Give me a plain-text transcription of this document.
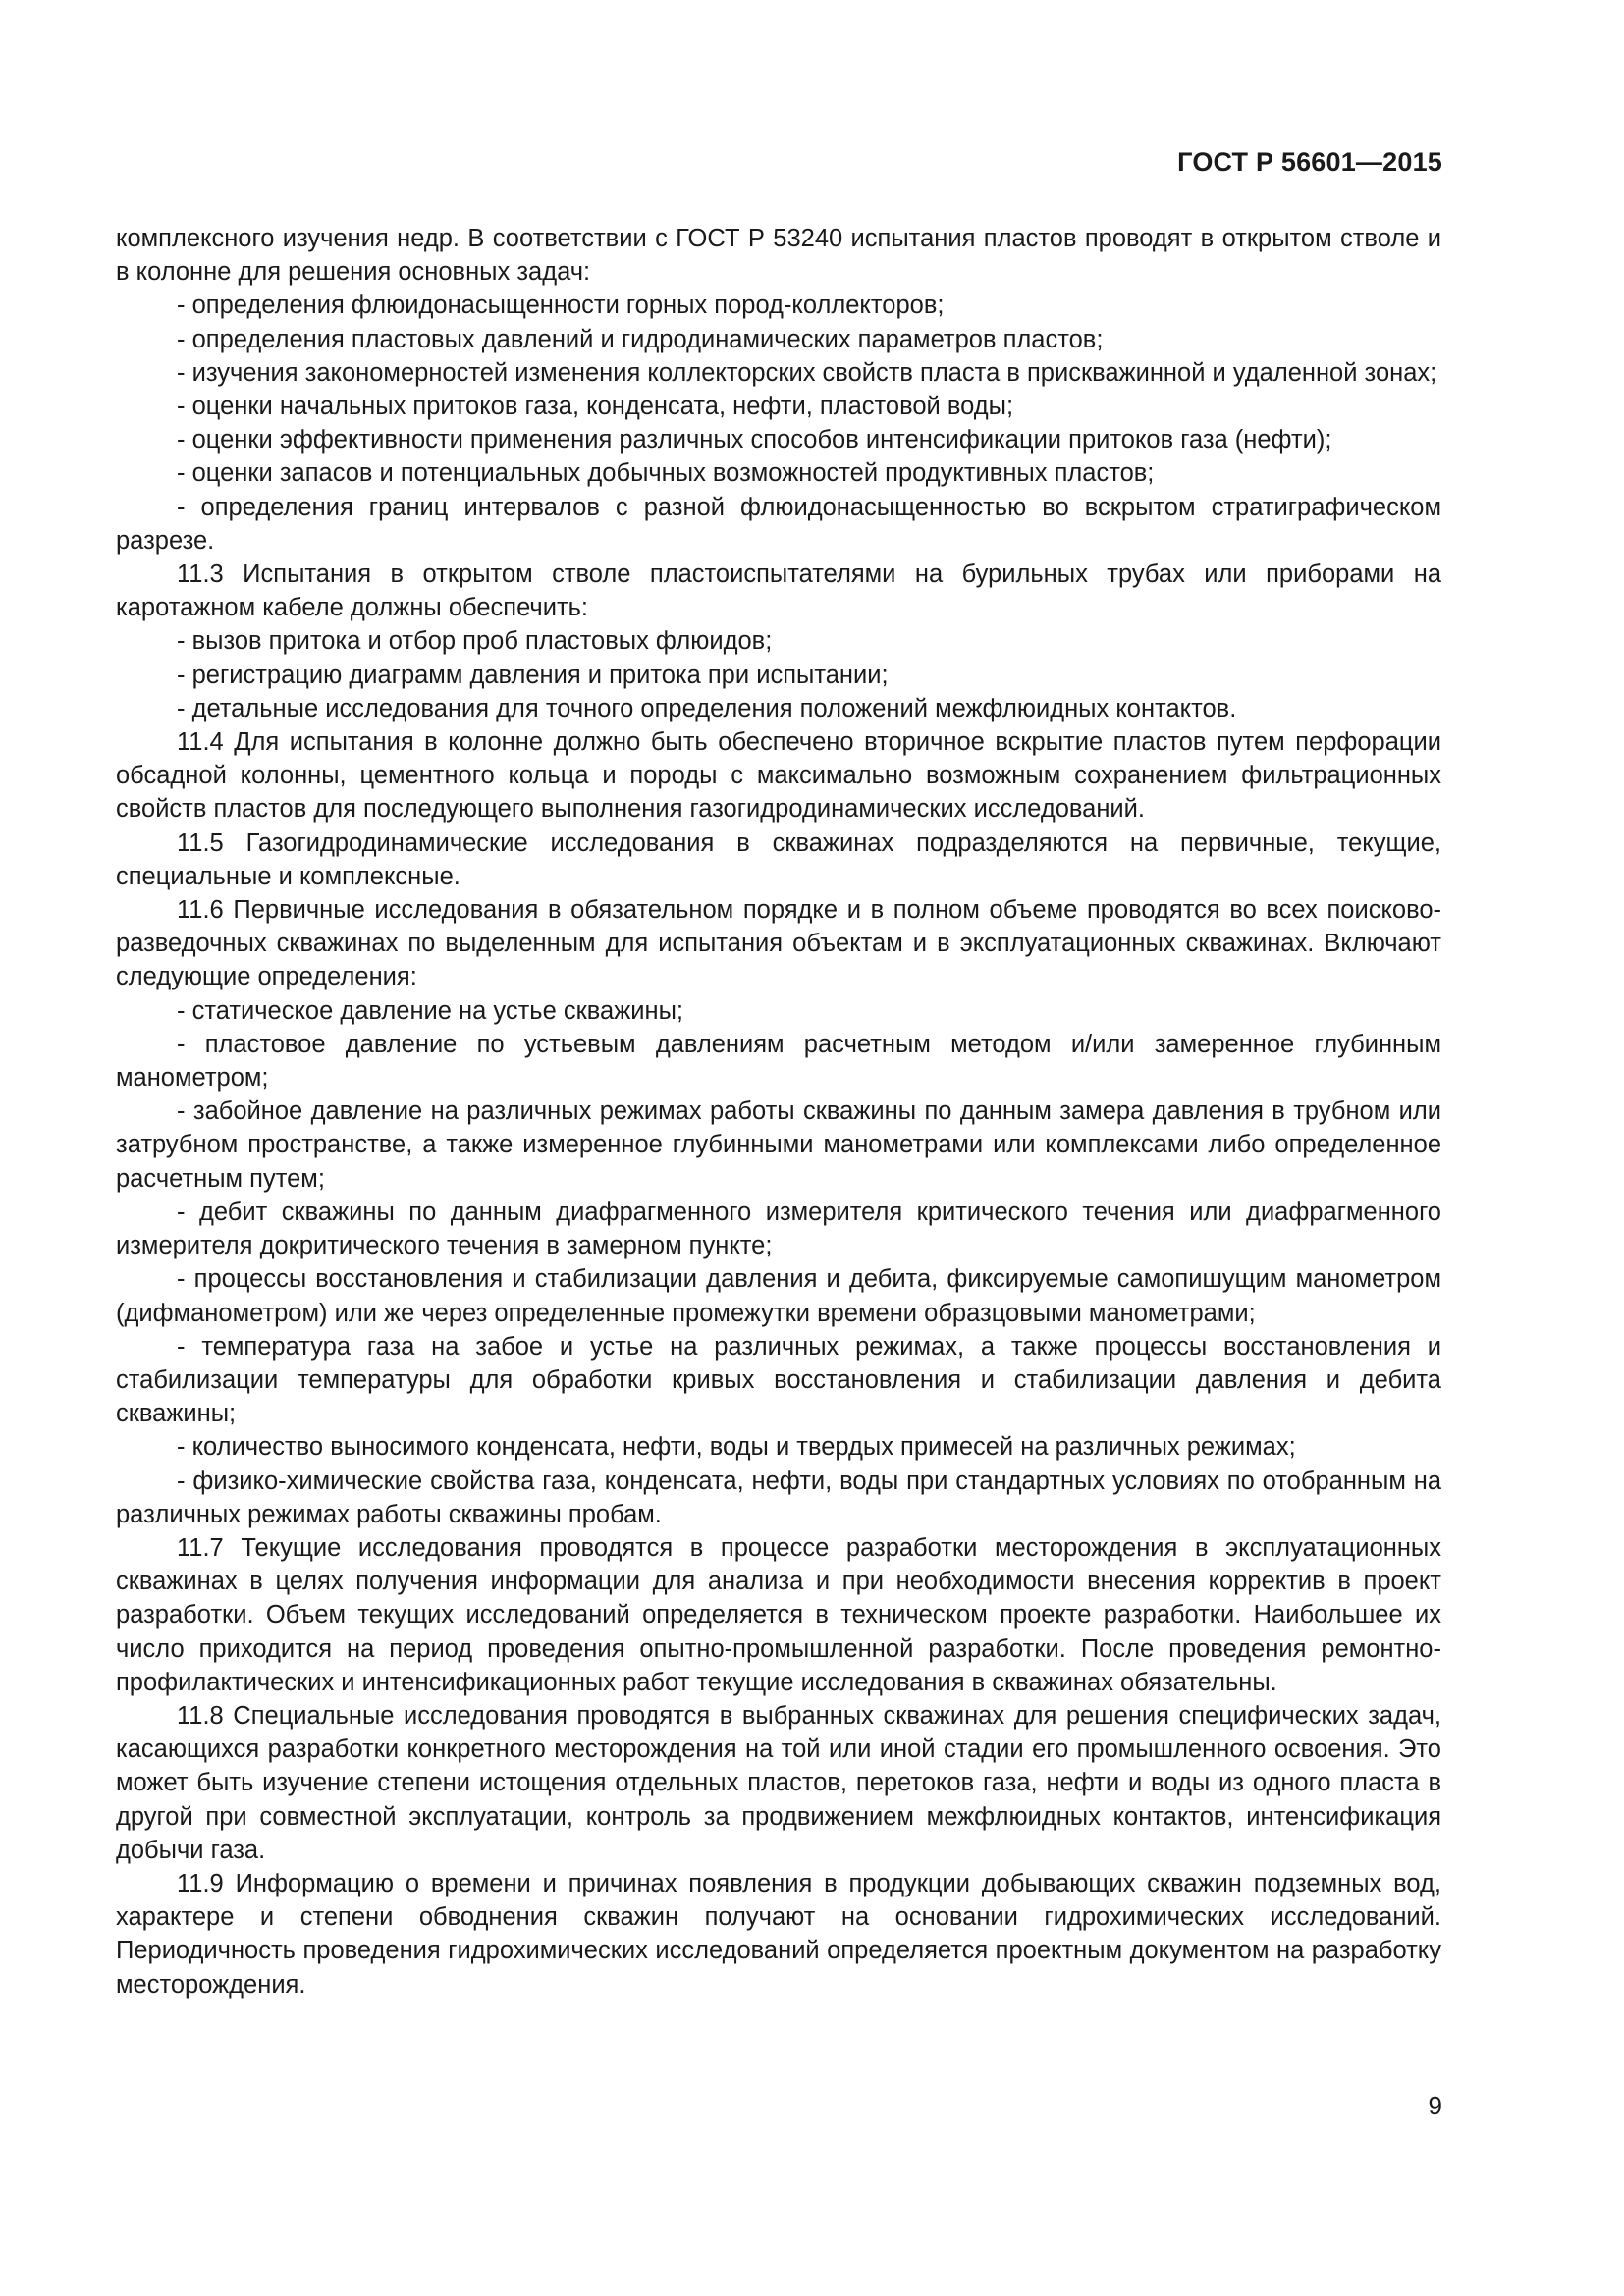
ГОСТ Р 56601—2015

комплексного изучения недр. В соответствии с ГОСТ Р 53240 испытания пластов проводят в открытом стволе и в колонне для решения основных задач:

- определения флюидонасыщенности горных пород-коллекторов;

- определения пластовых давлений и гидродинамических параметров пластов;

- изучения закономерностей изменения коллекторских свойств пласта в прискважинной и удаленной зонах;

- оценки начальных притоков газа, конденсата, нефти, пластовой воды;

- оценки эффективности применения различных способов интенсификации притоков газа (нефти);

- оценки запасов и потенциальных добычных возможностей продуктивных пластов;

- определения границ интервалов с разной флюидонасыщенностью во вскрытом стратиграфическом разрезе.

11.3 Испытания в открытом стволе пластоиспытателями на бурильных трубах или приборами на каротажном кабеле должны обеспечить:

- вызов притока и отбор проб пластовых флюидов;

- регистрацию диаграмм давления и притока при испытании;

- детальные исследования для точного определения положений межфлюидных контактов.

11.4 Для испытания в колонне должно быть обеспечено вторичное вскрытие пластов путем перфорации обсадной колонны, цементного кольца и породы с максимально возможным сохранением фильтрационных свойств пластов для последующего выполнения газогидродинамических исследований.

11.5 Газогидродинамические исследования в скважинах подразделяются на первичные, текущие, специальные и комплексные.

11.6 Первичные исследования в обязательном порядке и в полном объеме проводятся во всех поисково-разведочных скважинах по выделенным для испытания объектам и в эксплуатационных скважинах. Включают следующие определения:

- статическое давление на устье скважины;

- пластовое давление по устьевым давлениям расчетным методом и/или замеренное глубинным манометром;

- забойное давление на различных режимах работы скважины по данным замера давления в трубном или затрубном пространстве, а также измеренное глубинными манометрами или комплексами либо определенное расчетным путем;

- дебит скважины по данным диафрагменного измерителя критического течения или диафрагменного измерителя докритического течения в замерном пункте;

- процессы восстановления и стабилизации давления и дебита, фиксируемые самопишущим манометром (дифманометром) или же через определенные промежутки времени образцовыми манометрами;

- температура газа на забое и устье на различных режимах, а также процессы восстановления и стабилизации температуры для обработки кривых восстановления и стабилизации давления и дебита скважины;

- количество выносимого конденсата, нефти, воды и твердых примесей на различных режимах;

- физико-химические свойства газа, конденсата, нефти, воды при стандартных условиях по отобранным на различных режимах работы скважины пробам.

11.7 Текущие исследования проводятся в процессе разработки месторождения в эксплуатационных скважинах в целях получения информации для анализа и при необходимости внесения корректив в проект разработки. Объем текущих исследований определяется в техническом проекте разработки. Наибольшее их число приходится на период проведения опытно-промышленной разработки. После проведения ремонтно-профилактических и интенсификационных работ текущие исследования в скважинах обязательны.

11.8 Специальные исследования проводятся в выбранных скважинах для решения специфических задач, касающихся разработки конкретного месторождения на той или иной стадии его промышленного освоения. Это может быть изучение степени истощения отдельных пластов, перетоков газа, нефти и воды из одного пласта в другой при совместной эксплуатации, контроль за продвижением межфлюидных контактов, интенсификация добычи газа.

11.9 Информацию о времени и причинах появления в продукции добывающих скважин подземных вод, характере и степени обводнения скважин получают на основании гидрохимических исследований. Периодичность проведения гидрохимических исследований определяется проектным документом на разработку месторождения.

9
